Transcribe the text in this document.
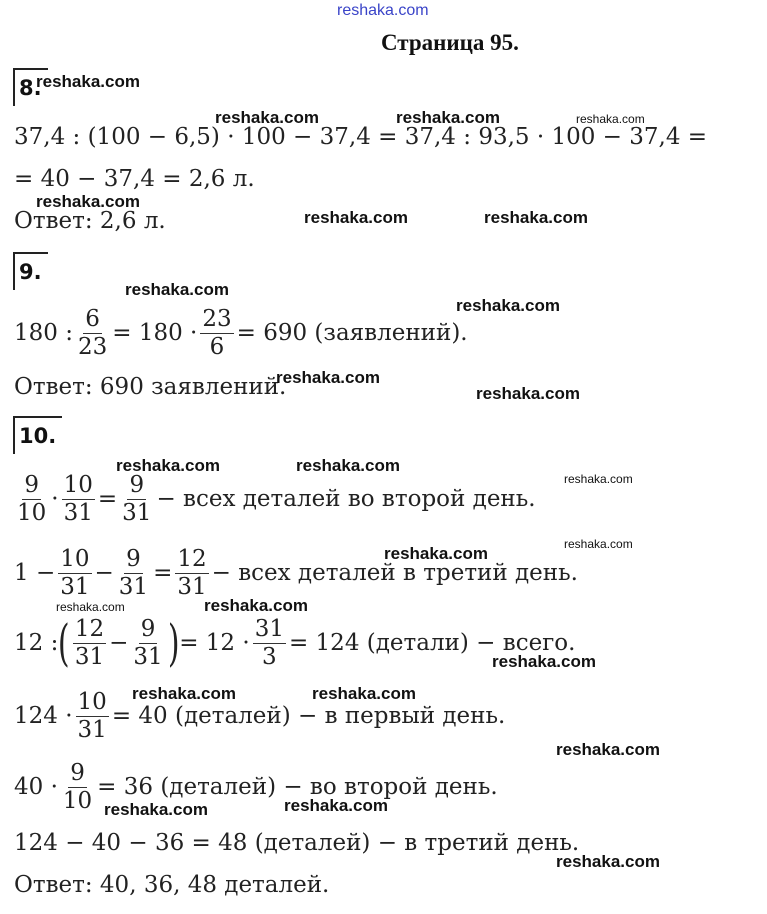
reshaka.com
Страница 95.
8.
37,4 : (100 − 6,5) · 100 − 37,4 = 37,4 : 93,5 · 100 − 37,4 =
= 40 − 37,4 = 2,6 л.
Ответ: 2,6 л.
9.
180 : $\frac{6}{23} = 180 \cdot \frac{23}{6} = 690$ (заявлений).
Ответ: 690 заявлений.
10.
$\frac{9}{10} \cdot \frac{10}{31} = \frac{9}{31}$ − всех деталей во второй день.
$1 - \frac{10}{31} - \frac{9}{31} = \frac{12}{31}$ − всех деталей в третий день.
12 : ( $\frac{12}{31} - \frac{9}{31}$ ) = $12 \cdot \frac{31}{3} = 124$ (детали) − всего.
$124 \cdot \frac{10}{31} = 40$ (деталей) − в первый день.
$40 \cdot \frac{9}{10} = 36$ (деталей) − во второй день.
124 − 40 − 36 = 48 (деталей) − в третий день.
Ответ: 40, 36, 48 деталей.
reshaka.com
reshaka.com	reshaka.com	reshaka.com
reshaka.com
reshaka.com	reshaka.com
reshaka.com
reshaka.com
reshaka.com
reshaka.com
reshaka.com	reshaka.com
reshaka.com
reshaka.com	reshaka.com
reshaka.com	reshaka.com
reshaka.com
reshaka.com	reshaka.com
reshaka.com
reshaka.com	reshaka.com
reshaka.com
